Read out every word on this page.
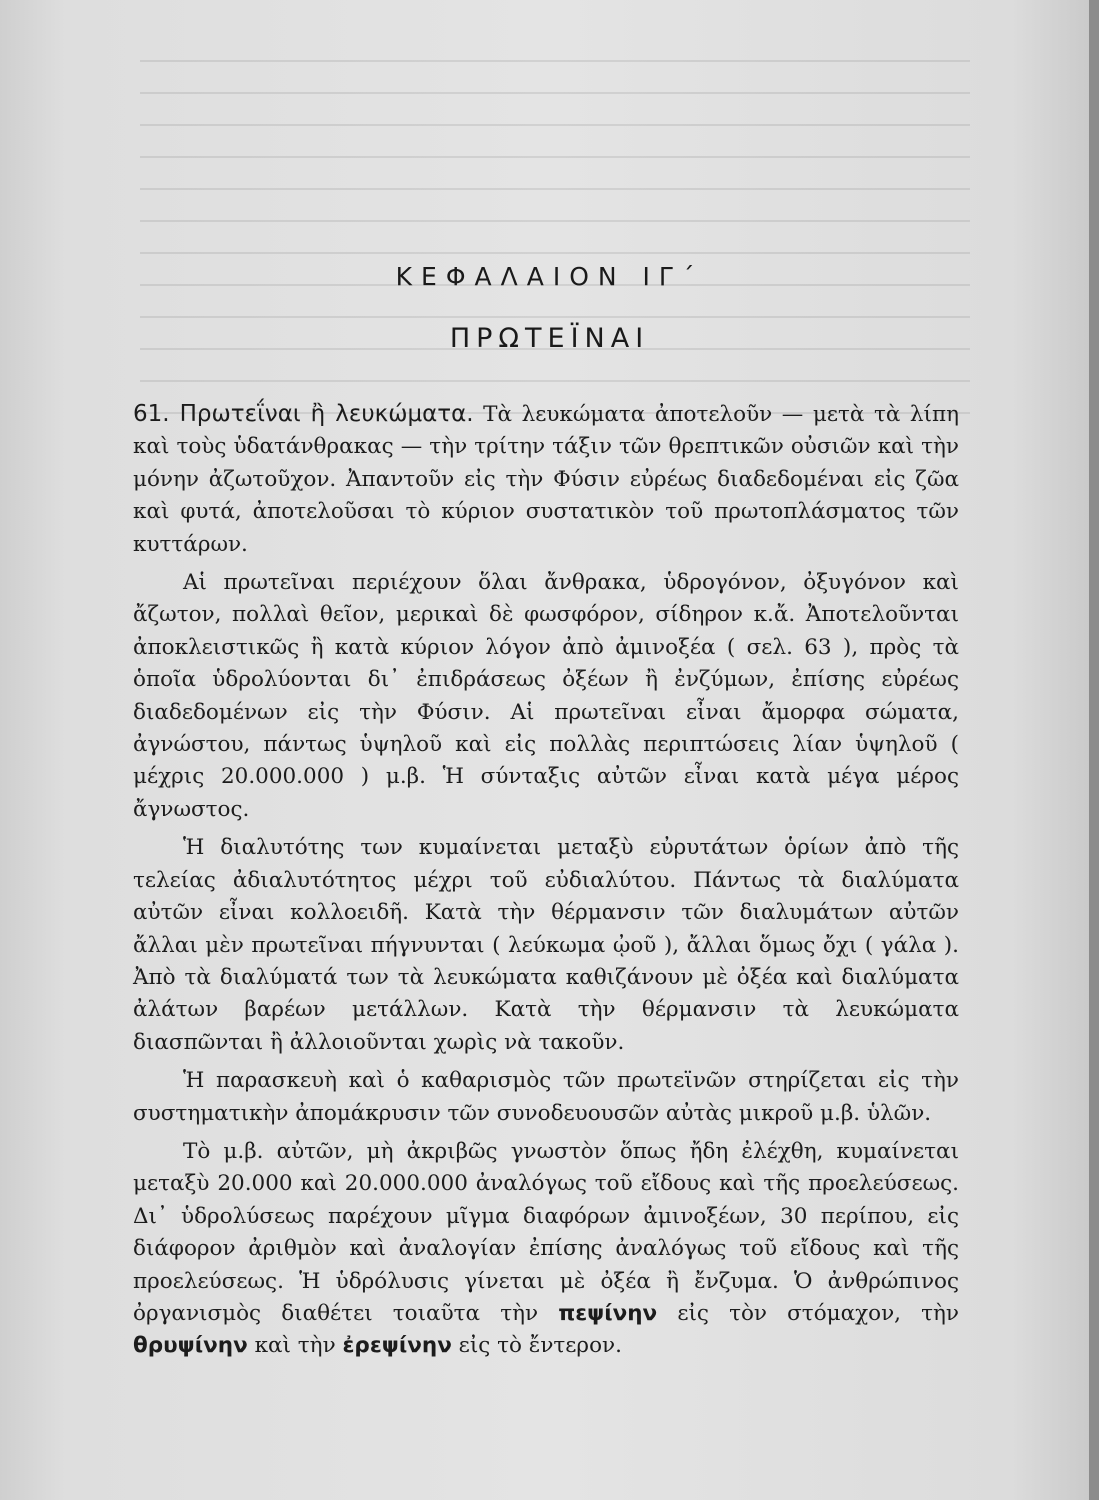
ΚΕΦΑΛΑΙΟΝ ΙΓ΄
ΠΡΩΤΕΪΝΑΙ

61. Πρωτεΐναι ἢ λευκώματα. Τὰ λευκώματα ἀποτελοῦν — μετὰ τὰ λίπη καὶ τοὺς ὑδατάνθρακας — τὴν τρίτην τάξιν τῶν θρεπτικῶν οὐσιῶν καὶ τὴν μόνην ἀζωτοῦχον. Ἀπαντοῦν εἰς τὴν Φύσιν εὐρέως διαδεδομέναι εἰς ζῶα καὶ φυτά, ἀποτελοῦσαι τὸ κύριον συστατικὸν τοῦ πρωτοπλάσματος τῶν κυττάρων.

Αἱ πρωτεῖναι περιέχουν ὅλαι ἄνθρακα, ὑδρογόνον, ὀξυγόνον καὶ ἄζωτον, πολλαὶ θεῖον, μερικαὶ δὲ φωσφόρον, σίδηρον κ.ἄ. Ἀποτελοῦνται ἀποκλειστικῶς ἢ κατὰ κύριον λόγον ἀπὸ ἀμινοξέα ( σελ. 63 ), πρὸς τὰ ὁποῖα ὑδρολύονται δι᾽ ἐπιδράσεως ὀξέων ἢ ἐνζύμων, ἐπίσης εὐρέως διαδεδομένων εἰς τὴν Φύσιν. Αἱ πρωτεῖναι εἶναι ἄμορφα σώματα, ἀγνώστου, πάντως ὑψηλοῦ καὶ εἰς πολλὰς περιπτώσεις λίαν ὑψηλοῦ ( μέχρις 20.000.000 ) μ.β. Ἡ σύνταξις αὐτῶν εἶναι κατὰ μέγα μέρος ἄγνωστος.

Ἡ διαλυτότης των κυμαίνεται μεταξὺ εὐρυτάτων ὁρίων ἀπὸ τῆς τελείας ἀδιαλυτότητος μέχρι τοῦ εὐδιαλύτου. Πάντως τὰ διαλύματα αὐτῶν εἶναι κολλοειδῆ. Κατὰ τὴν θέρμανσιν τῶν διαλυμάτων αὐτῶν ἄλλαι μὲν πρωτεῖναι πήγνυνται ( λεύκωμα ᾠοῦ ), ἄλλαι ὅμως ὄχι ( γάλα ). Ἀπὸ τὰ διαλύματά των τὰ λευκώματα καθιζάνουν μὲ ὀξέα καὶ διαλύματα ἀλάτων βαρέων μετάλλων. Κατὰ τὴν θέρμανσιν τὰ λευκώματα διασπῶνται ἢ ἀλλοιοῦνται χωρὶς νὰ τακοῦν.

Ἡ παρασκευὴ καὶ ὁ καθαρισμὸς τῶν πρωτεϊνῶν στηρίζεται εἰς τὴν συστηματικὴν ἀπομάκρυσιν τῶν συνοδευουσῶν αὐτὰς μικροῦ μ.β. ὑλῶν.

Τὸ μ.β. αὐτῶν, μὴ ἀκριβῶς γνωστὸν ὅπως ἤδη ἐλέχθη, κυμαίνεται μεταξὺ 20.000 καὶ 20.000.000 ἀναλόγως τοῦ εἴδους καὶ τῆς προελεύσεως. Δι᾽ ὑδρολύσεως παρέχουν μῖγμα διαφόρων ἀμινοξέων, 30 περίπου, εἰς διάφορον ἀριθμὸν καὶ ἀναλογίαν ἐπίσης ἀναλόγως τοῦ εἴδους καὶ τῆς προελεύσεως. Ἡ ὑδρόλυσις γίνεται μὲ ὀξέα ἢ ἔνζυμα. Ὁ ἀνθρώπινος ὀργανισμὸς διαθέτει τοιαῦτα τὴν πεψίνην εἰς τὸν στόμαχον, τὴν θρυψίνην καὶ τὴν ἐρεψίνην εἰς τὸ ἔντερον.
